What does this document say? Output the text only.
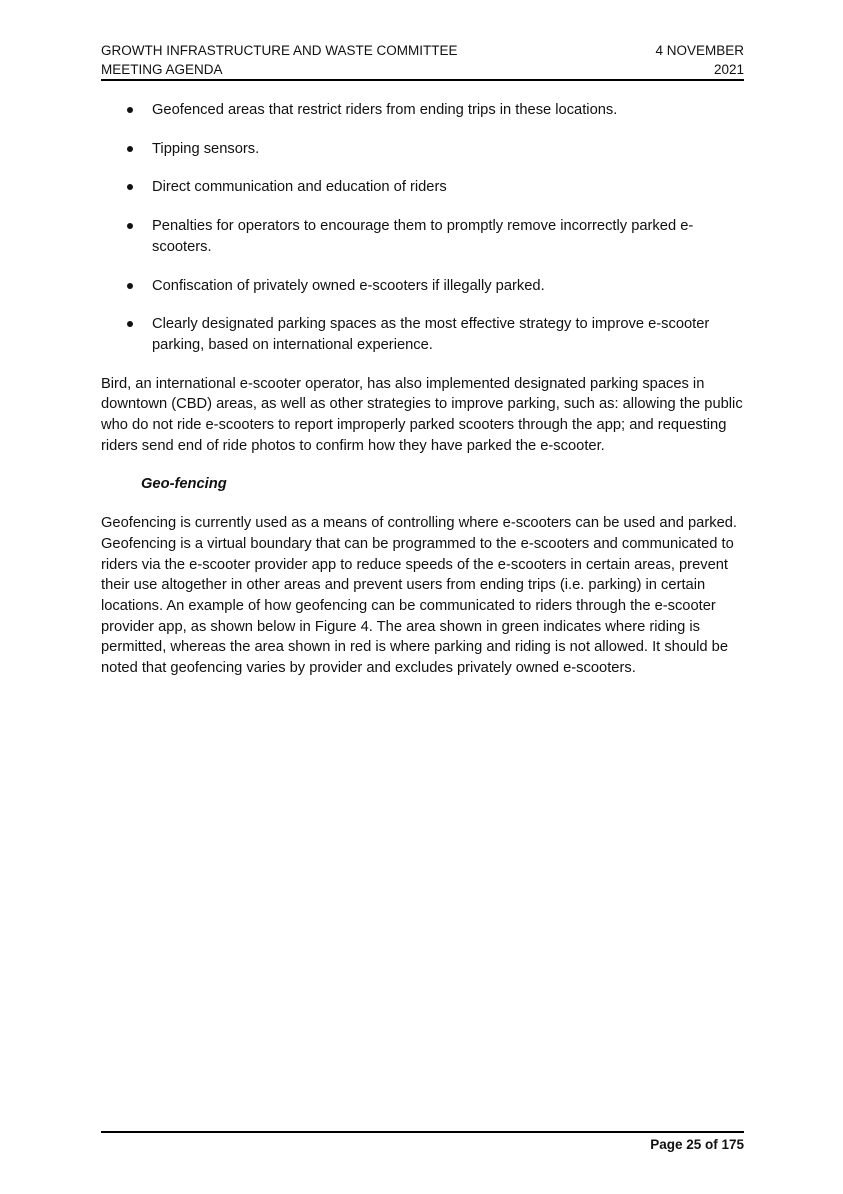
GROWTH INFRASTRUCTURE AND WASTE COMMITTEE
MEETING AGENDA
4 NOVEMBER
2021
Geofenced areas that restrict riders from ending trips in these locations.
Tipping sensors.
Direct communication and education of riders
Penalties for operators to encourage them to promptly remove incorrectly parked e-scooters.
Confiscation of privately owned e-scooters if illegally parked.
Clearly designated parking spaces as the most effective strategy to improve e-scooter parking, based on international experience.

Bird, an international e-scooter operator, has also implemented designated parking spaces in downtown (CBD) areas, as well as other strategies to improve parking, such as: allowing the public who do not ride e-scooters to report improperly parked scooters through the app; and requesting riders send end of ride photos to confirm how they have parked the e-scooter.

Geo-fencing

Geofencing is currently used as a means of controlling where e-scooters can be used and parked. Geofencing is a virtual boundary that can be programmed to the e-scooters and communicated to riders via the e-scooter provider app to reduce speeds of the e-scooters in certain areas, prevent their use altogether in other areas and prevent users from ending trips (i.e. parking) in certain locations. An example of how geofencing can be communicated to riders through the e-scooter provider app, as shown below in Figure 4. The area shown in green indicates where riding is permitted, whereas the area shown in red is where parking and riding is not allowed. It should be noted that geofencing varies by provider and excludes privately owned e-scooters.

Page 25 of 175
